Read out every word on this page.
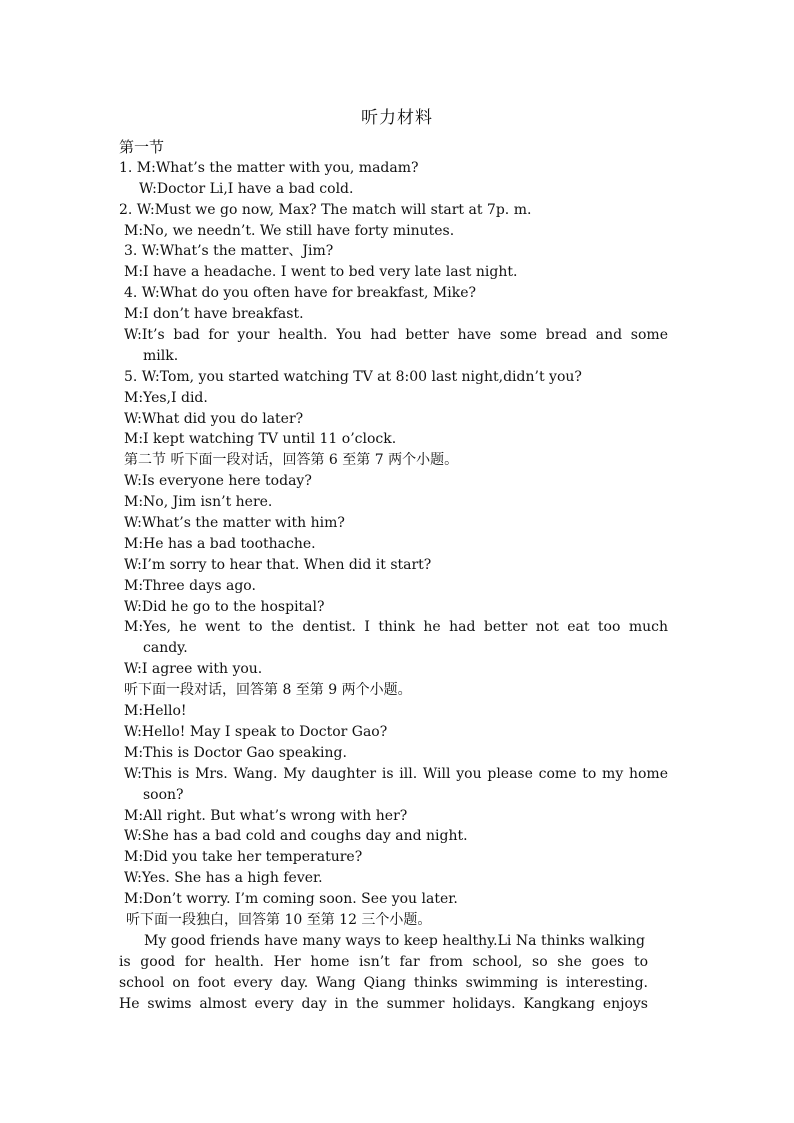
听力材料
第一节
1. M:What’s the matter with you, madam?
W:Doctor Li,I have a bad cold.
2. W:Must we go now, Max? The match will start at 7p. m.
M:No, we needn’t. We still have forty minutes.
3. W:What’s the matter、Jim?
M:I have a headache. I went to bed very late last night.
4. W:What do you often have for breakfast, Mike?
M:I don’t have breakfast.
W:It’s bad for your health. You had better have some bread and some
milk.
5. W:Tom, you started watching TV at 8:00 last night,didn’t you?
M:Yes,I did.
W:What did you do later?
M:I kept watching TV until 11 o’clock.
第二节 听下面一段对话，回答第 6 至第 7 两个小题。
W:Is everyone here today?
M:No, Jim isn’t here.
W:What’s the matter with him?
M:He has a bad toothache.
W:I’m sorry to hear that. When did it start?
M:Three days ago.
W:Did he go to the hospital?
M:Yes, he went to the dentist. I think he had better not eat too much
candy.
W:I agree with you.
听下面一段对话，回答第 8 至第 9 两个小题。
M:Hello!
W:Hello! May I speak to Doctor Gao?
M:This is Doctor Gao speaking.
W:This is Mrs. Wang. My daughter is ill. Will you please come to my home
soon?
M:All right. But what’s wrong with her?
W:She has a bad cold and coughs day and night.
M:Did you take her temperature?
W:Yes. She has a high fever.
M:Don’t worry. I’m coming soon. See you later.
听下面一段独白，回答第 10 至第 12 三个小题。
My good friends have many ways to keep healthy.Li Na thinks walking
is good for health. Her home isn’t far from school, so she goes to
school on foot every day. Wang Qiang thinks swimming is interesting.
He swims almost every day in the summer holidays. Kangkang enjoys
